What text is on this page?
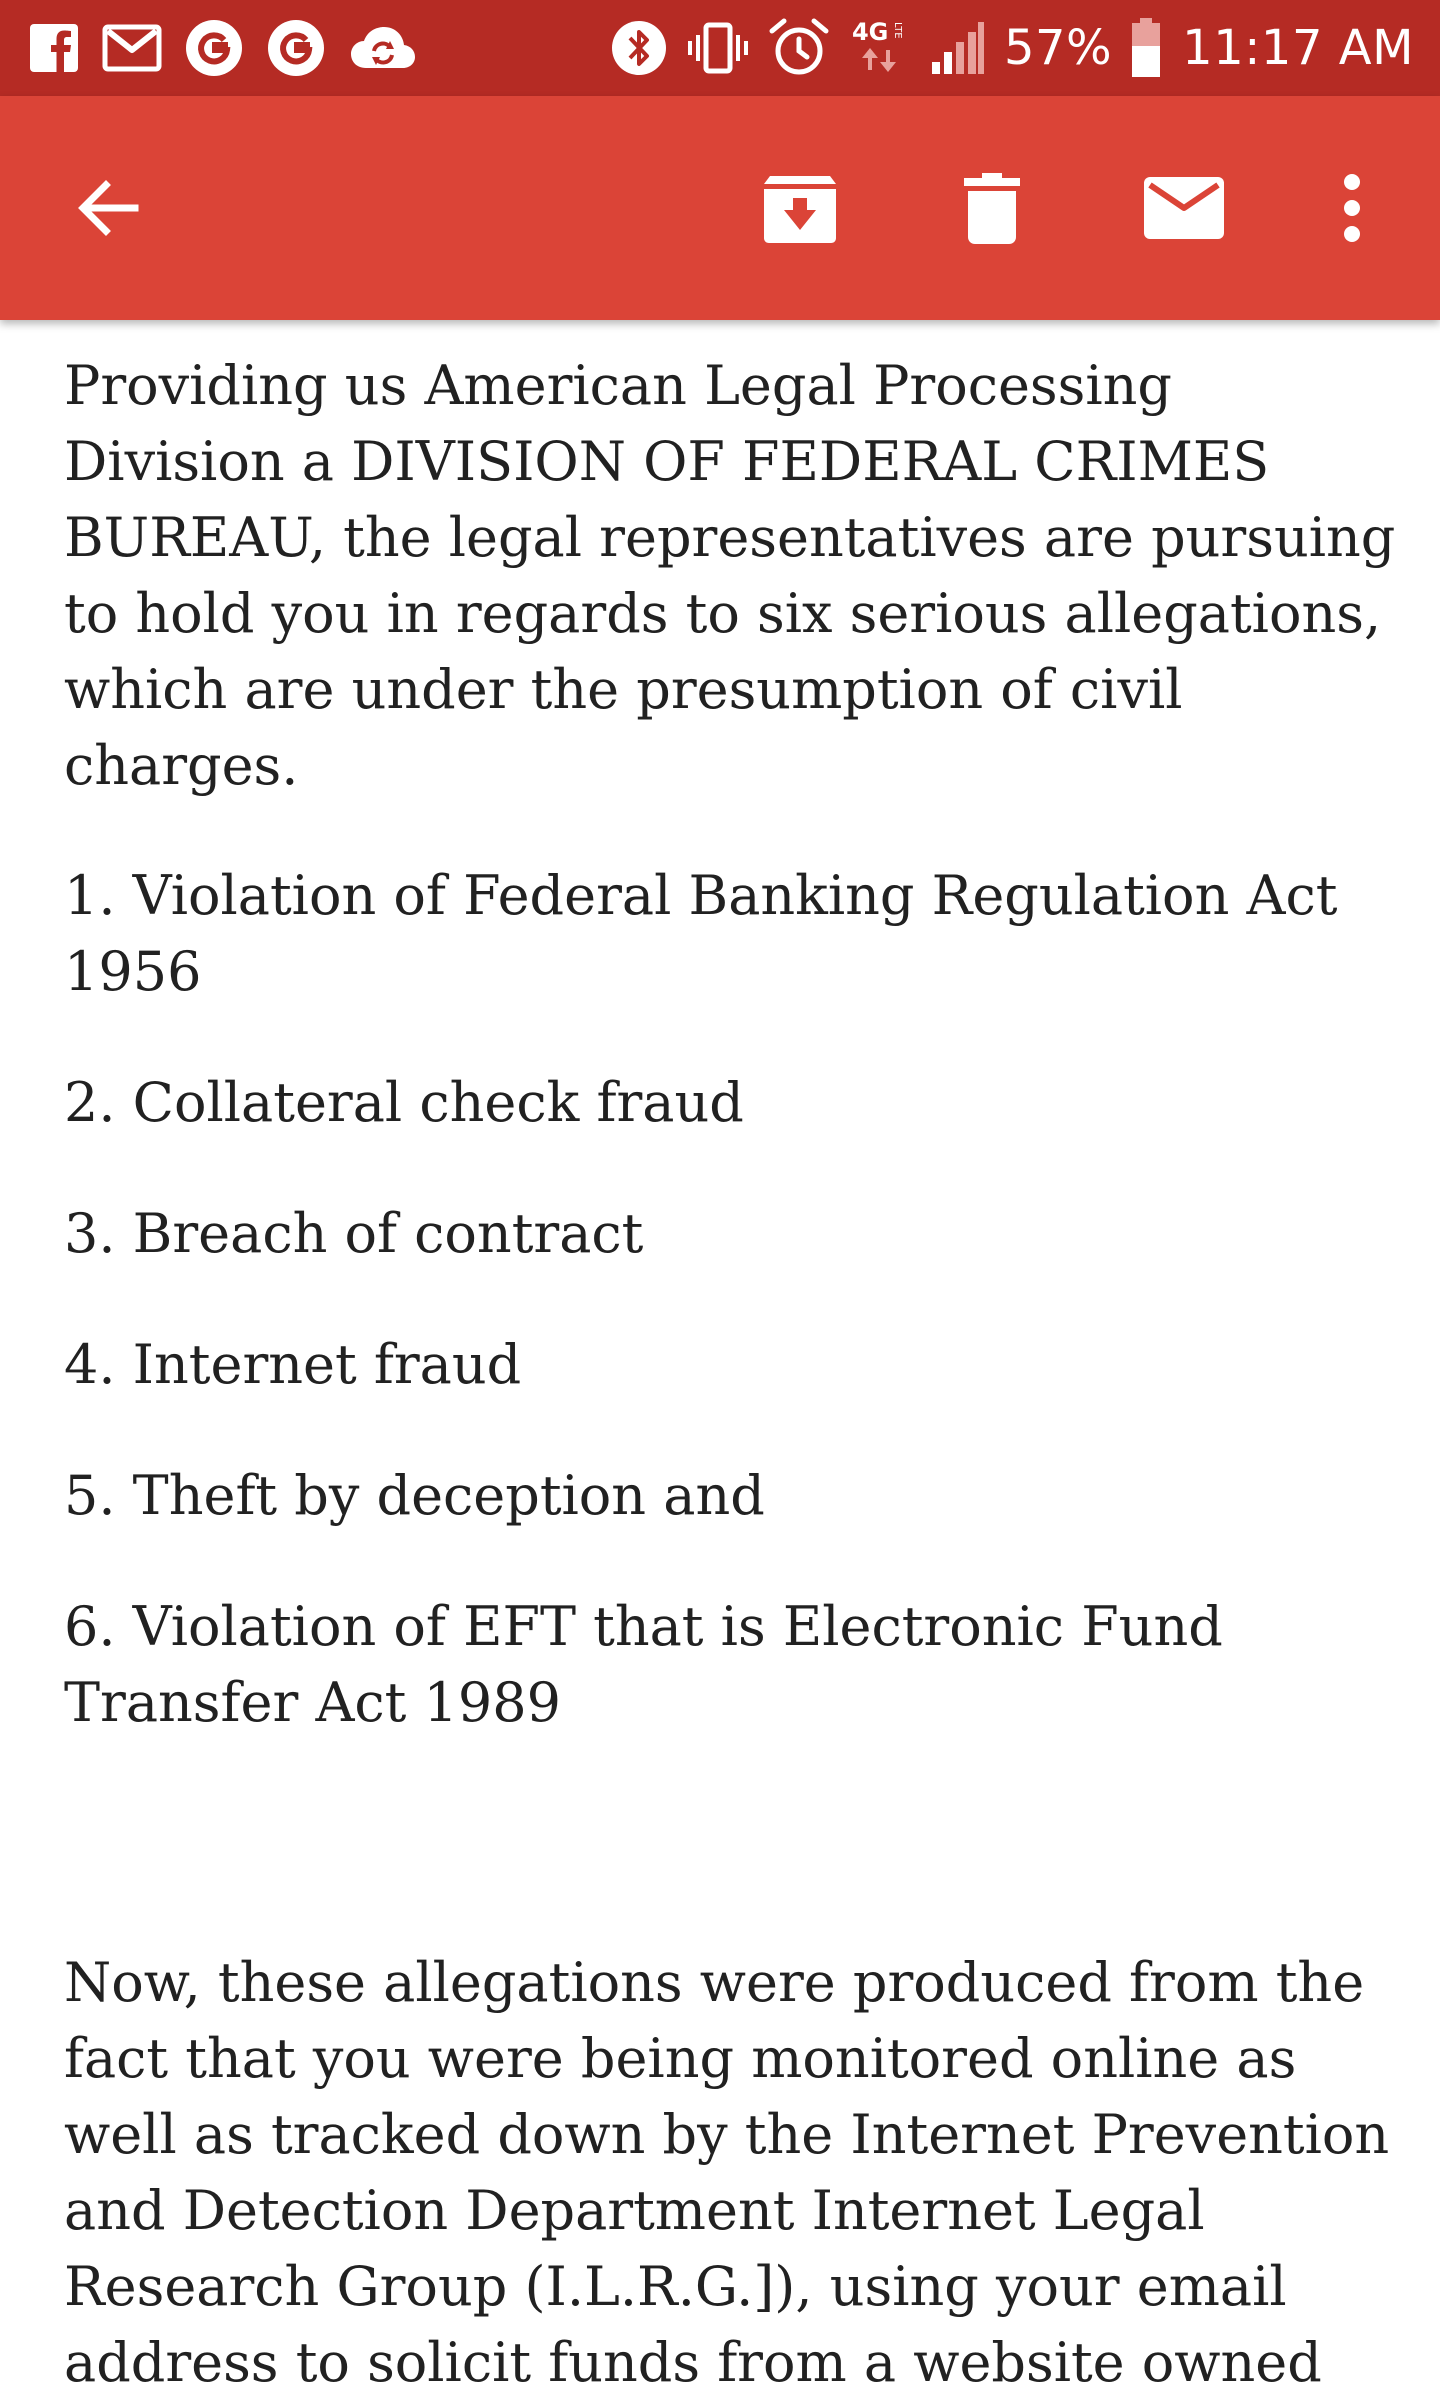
4G LTE 57% 11:17 AM

Providing us American Legal Processing Division a DIVISION OF FEDERAL CRIMES BUREAU, the legal representatives are pursuing to hold you in regards to six serious allegations, which are under the presumption of civil charges.

1. Violation of Federal Banking Regulation Act 1956

2. Collateral check fraud

3. Breach of contract

4. Internet fraud

5. Theft by deception and

6. Violation of EFT that is Electronic Fund Transfer Act 1989

Now, these allegations were produced from the fact that you were being monitored online as well as tracked down by the Internet Prevention and Detection Department Internet Legal Research Group (I.L.R.G.]), using your email address to solicit funds from a website owned
